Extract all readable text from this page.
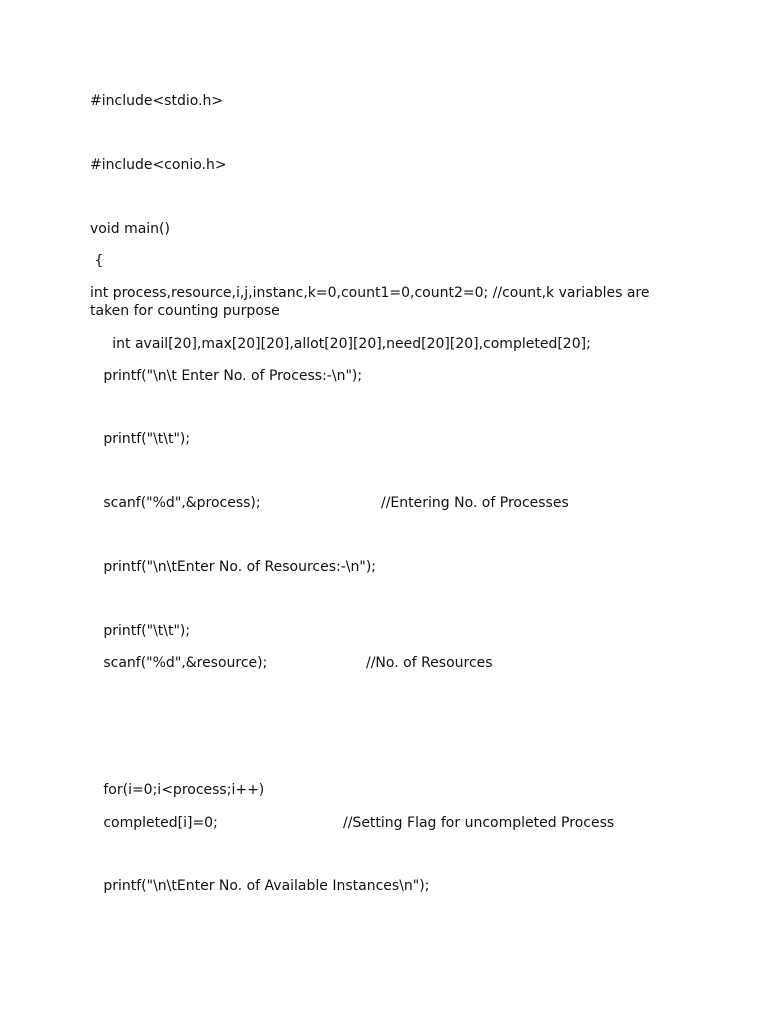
#include<stdio.h>
#include<conio.h>
void main()
{
int process,resource,i,j,instanc,k=0,count1=0,count2=0; //count,k variables are taken for counting purpose
int avail[20],max[20][20],allot[20][20],need[20][20],completed[20];
printf("\n\t Enter No. of Process:-\n");
printf("\t\t");
scanf("%d",&process);	//Entering No. of Processes
printf("\n\tEnter No. of Resources:-\n");
printf("\t\t");
scanf("%d",&resource);	//No. of Resources
for(i=0;i<process;i++)
completed[i]=0;	//Setting Flag for uncompleted Process
printf("\n\tEnter No. of Available Instances\n");
